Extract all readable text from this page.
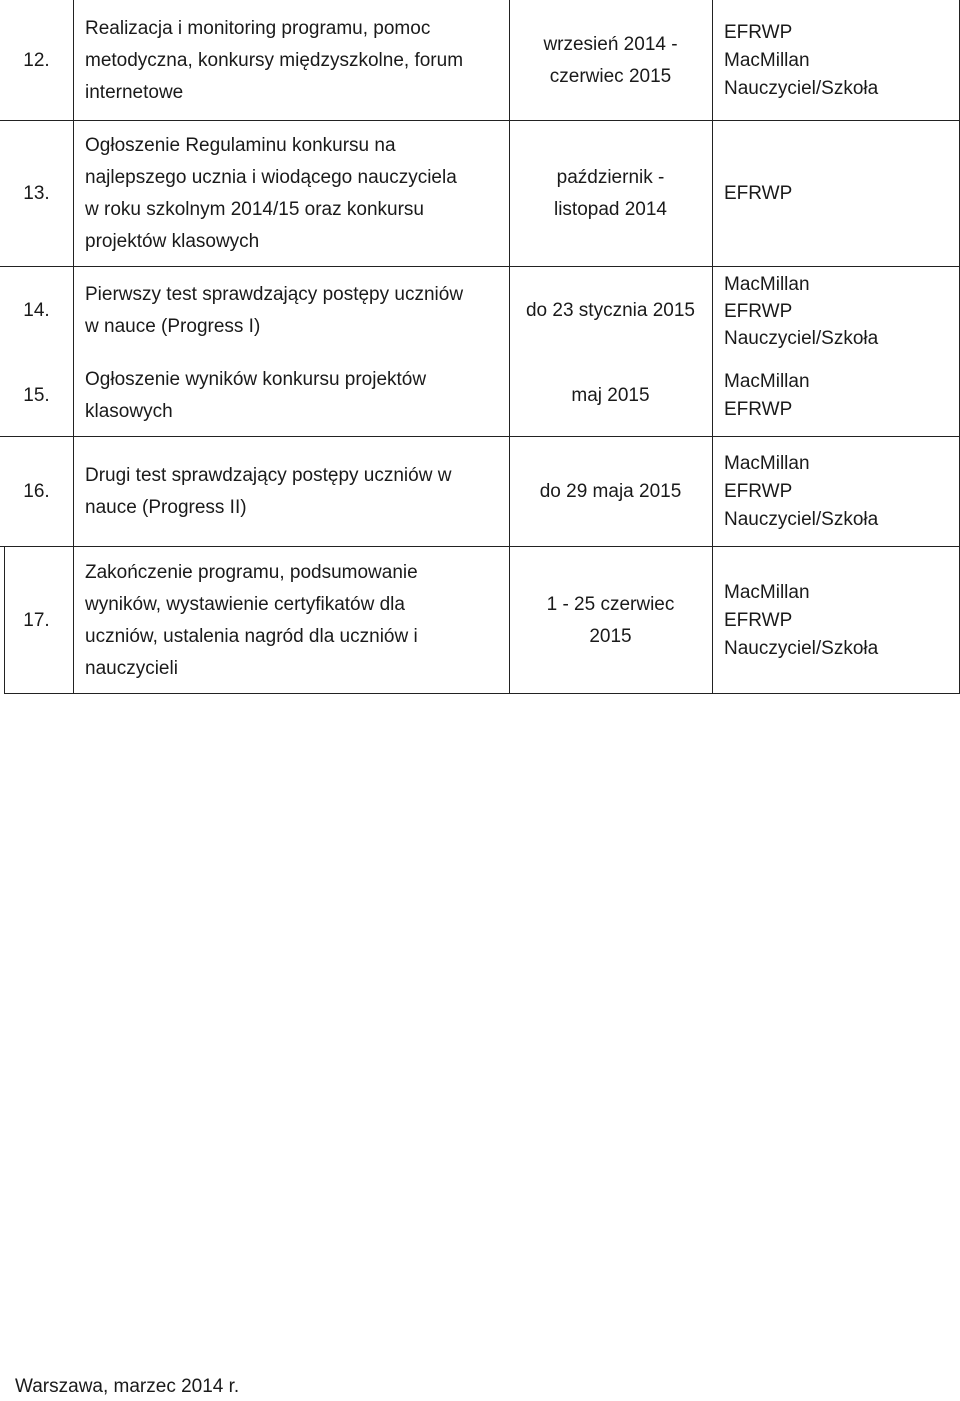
12.
Realizacja i monitoring programu, pomoc
metodyczna, konkursy międzyszkolne, forum
internetowe
wrzesień 2014 -
czerwiec 2015
EFRWP
MacMillan
Nauczyciel/Szkoła
13.
Ogłoszenie Regulaminu konkursu na
najlepszego ucznia i wiodącego nauczyciela
w roku szkolnym 2014/15 oraz konkursu
projektów klasowych
październik -
listopad 2014
EFRWP
14.
Pierwszy test sprawdzający postępy uczniów
w nauce (Progress I)
do 23 stycznia 2015
MacMillan
EFRWP
Nauczyciel/Szkoła
15.
Ogłoszenie wyników konkursu projektów
klasowych
maj 2015
MacMillan
EFRWP
16.
Drugi test sprawdzający postępy uczniów w
nauce (Progress II)
do 29 maja 2015
MacMillan
EFRWP
Nauczyciel/Szkoła
17.
Zakończenie programu, podsumowanie
wyników, wystawienie certyfikatów dla
uczniów, ustalenia nagród dla uczniów i
nauczycieli
1 - 25 czerwiec
2015
MacMillan
EFRWP
Nauczyciel/Szkoła
Warszawa, marzec 2014 r.
